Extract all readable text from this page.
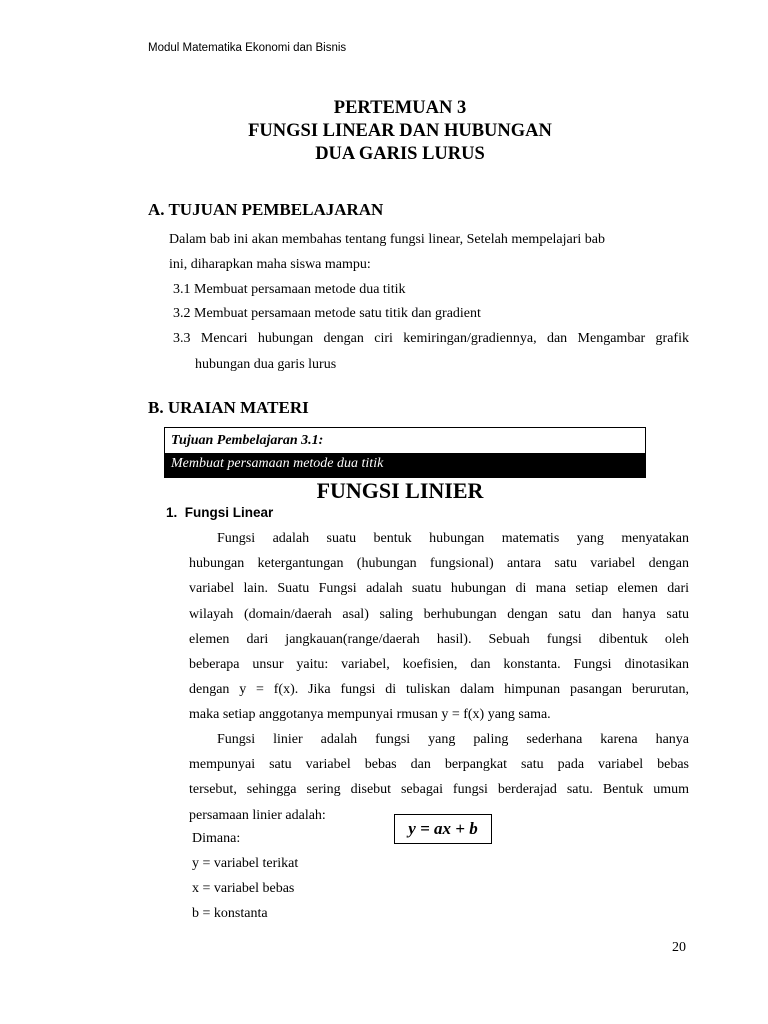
Modul Matematika Ekonomi dan Bisnis
PERTEMUAN 3
FUNGSI LINEAR DAN HUBUNGAN
DUA GARIS LURUS
A. TUJUAN PEMBELAJARAN
Dalam bab ini akan membahas tentang fungsi linear, Setelah mempelajari bab
ini, diharapkan maha siswa mampu:
3.1 Membuat persamaan metode dua titik
3.2 Membuat persamaan metode satu titik dan gradient
3.3 Mencari hubungan dengan ciri kemiringan/gradiennya, dan Mengambar grafik
hubungan dua garis lurus
B. URAIAN MATERI
Tujuan Pembelajaran 3.1:
Membuat persamaan metode dua titik
FUNGSI LINIER
1.  Fungsi Linear
Fungsi adalah suatu bentuk hubungan matematis yang menyatakan
hubungan ketergantungan (hubungan fungsional) antara satu variabel dengan
variabel lain. Suatu Fungsi adalah suatu hubungan di mana setiap elemen dari
wilayah (domain/daerah asal) saling berhubungan dengan satu dan hanya satu
elemen dari jangkauan(range/daerah hasil). Sebuah fungsi dibentuk oleh
beberapa unsur yaitu: variabel, koefisien, dan konstanta. Fungsi dinotasikan
dengan y = f(x). Jika fungsi di tuliskan dalam himpunan pasangan berurutan,
maka setiap anggotanya mempunyai rmusan y = f(x) yang sama.
Fungsi linier adalah fungsi yang paling sederhana karena hanya
mempunyai satu variabel bebas dan berpangkat satu pada variabel bebas
tersebut, sehingga sering disebut sebagai fungsi berderajad satu. Bentuk umum
persamaan linier adalah:
y = ax + b
Dimana:
y = variabel terikat
x = variabel bebas
b = konstanta
20
